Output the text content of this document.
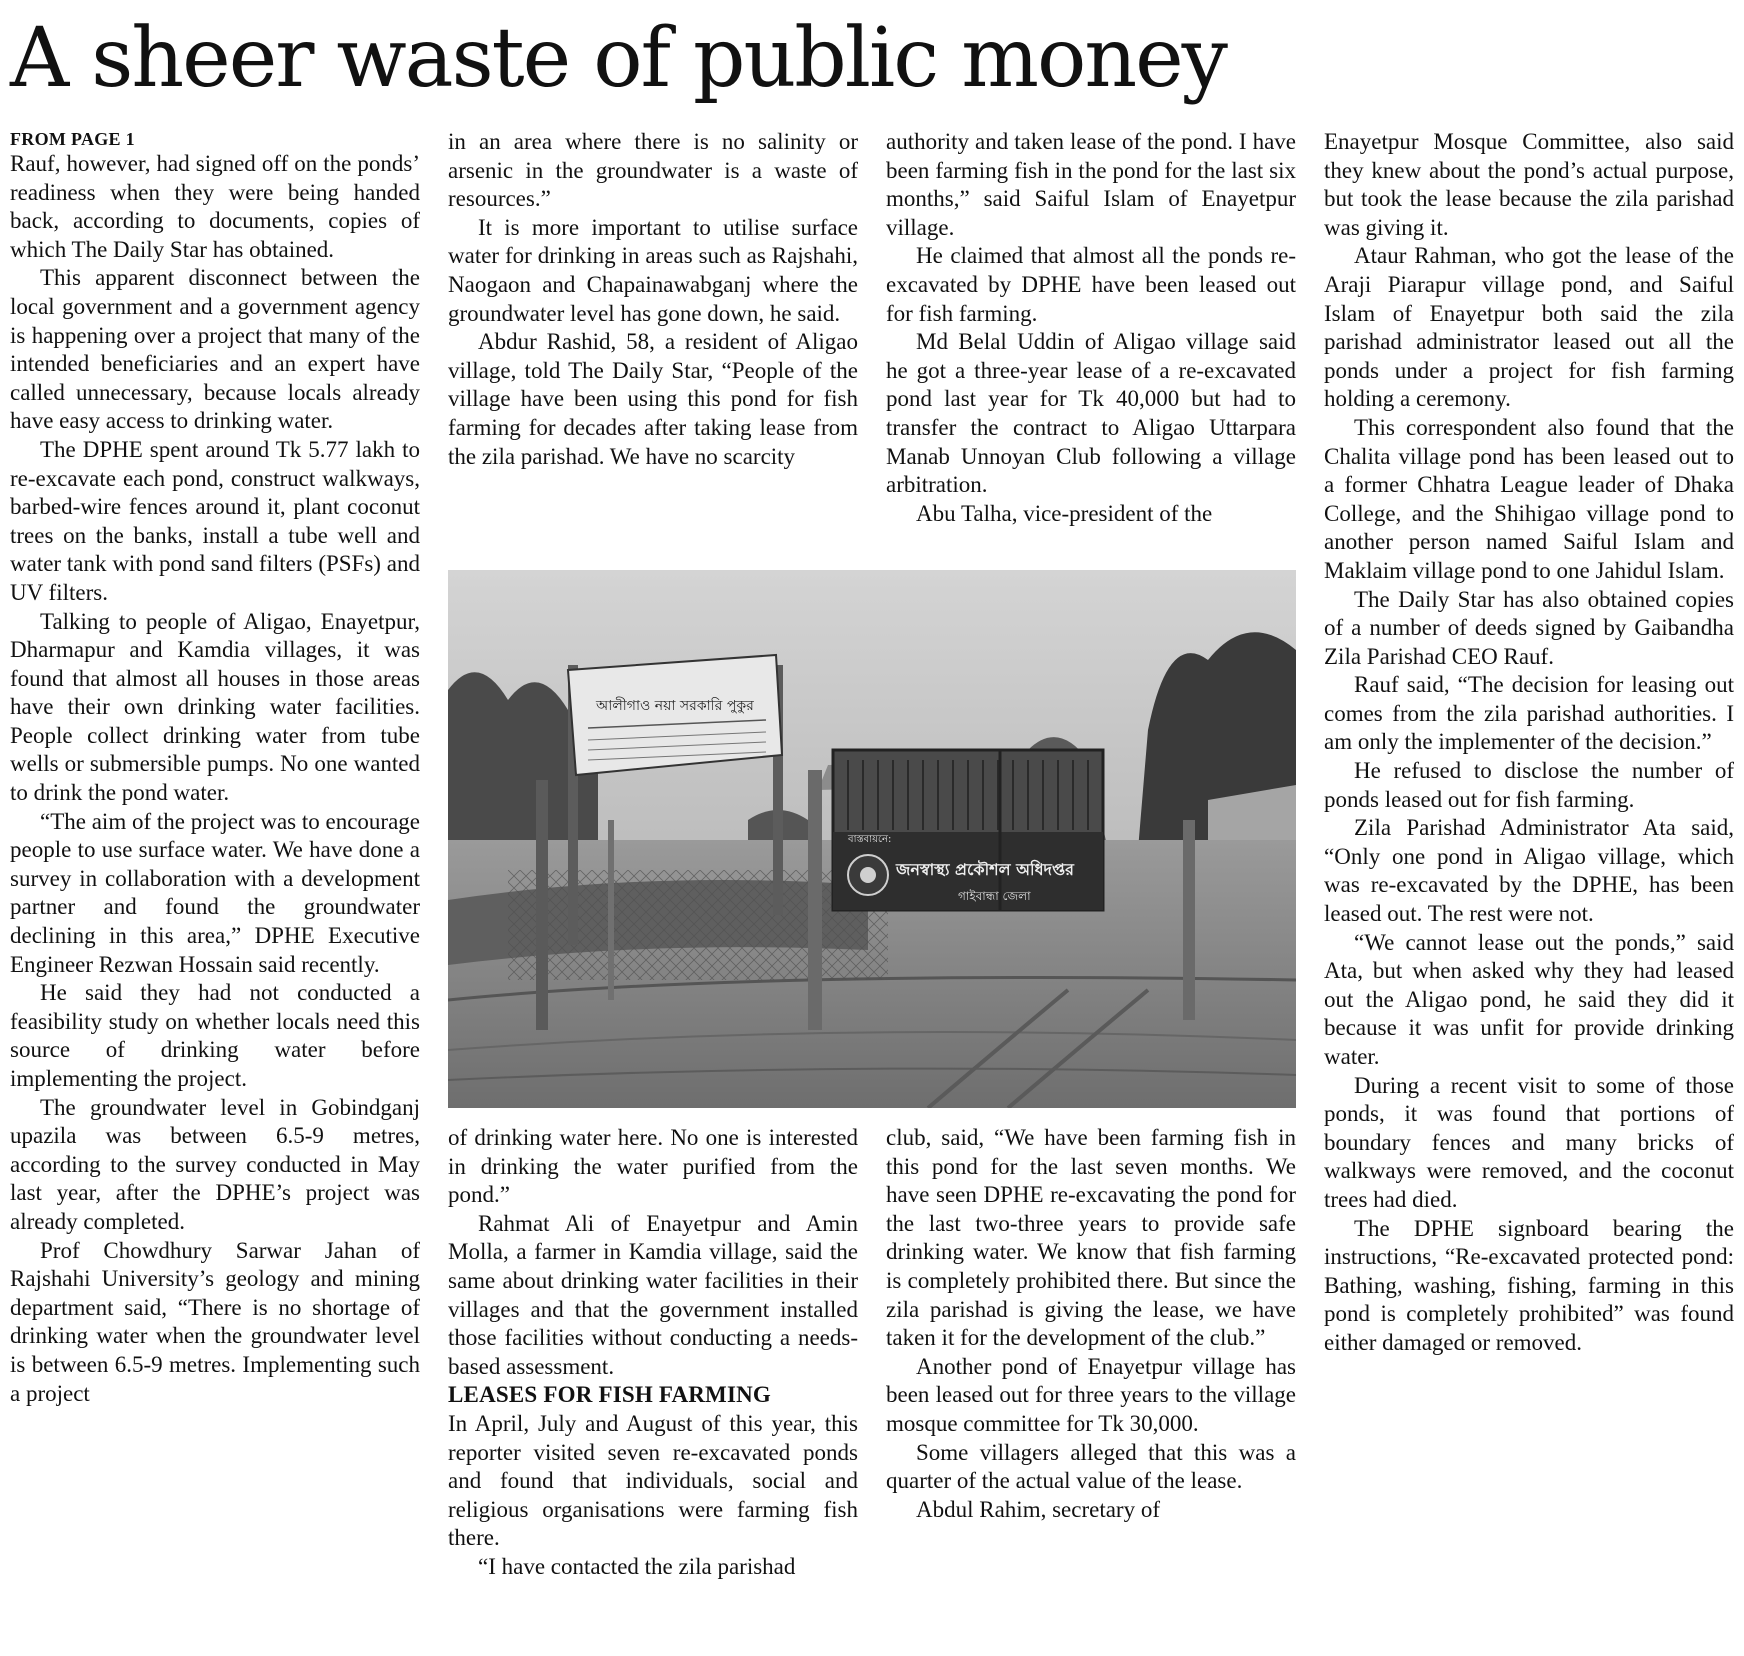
A sheer waste of public money
FROM PAGE 1

Rauf, however, had signed off on the ponds’ readiness when they were being handed back, according to documents, copies of which The Daily Star has obtained.

This apparent disconnect between the local government and a government agency is happening over a project that many of the intended beneficiaries and an expert have called unnecessary, because locals already have easy access to drinking water.

The DPHE spent around Tk 5.77 lakh to re-excavate each pond, construct walkways, barbed-wire fences around it, plant coconut trees on the banks, install a tube well and water tank with pond sand filters (PSFs) and UV filters.

Talking to people of Aligao, Enayetpur, Dharmapur and Kamdia villages, it was found that almost all houses in those areas have their own drinking water facilities. People collect drinking water from tube wells or submersible pumps. No one wanted to drink the pond water.

“The aim of the project was to encourage people to use surface water. We have done a survey in collaboration with a development partner and found the groundwater declining in this area,” DPHE Executive Engineer Rezwan Hossain said recently.

He said they had not conducted a feasibility study on whether locals need this source of drinking water before implementing the project.

The groundwater level in Gobindganj upazila was between 6.5-9 metres, according to the survey conducted in May last year, after the DPHE’s project was already completed.

Prof Chowdhury Sarwar Jahan of Rajshahi University’s geology and mining department said, “There is no shortage of drinking water when the groundwater level is between 6.5-9 metres. Implementing such a project

in an area where there is no salinity or arsenic in the groundwater is a waste of resources.”

It is more important to utilise surface water for drinking in areas such as Rajshahi, Naogaon and Chapainawabganj where the groundwater level has gone down, he said.

Abdur Rashid, 58, a resident of Aligao village, told The Daily Star, “People of the village have been using this pond for fish farming for decades after taking lease from the zila parishad. We have no scarcity

authority and taken lease of the pond. I have been farming fish in the pond for the last six months,” said Saiful Islam of Enayetpur village.

He claimed that almost all the ponds re-excavated by DPHE have been leased out for fish farming.

Md Belal Uddin of Aligao village said he got a three-year lease of a re-excavated pond last year for Tk 40,000 but had to transfer the contract to Aligao Uttarpara Manab Unnoyan Club following a village arbitration.

Abu Talha, vice-president of the

আলীগাও নয়া সরকারি পুকুর
বাস্তবায়নে:
জনস্বাস্থ্য প্রকৌশল অধিদপ্তর
গাইবান্ধা জেলা

of drinking water here. No one is interested in drinking the water purified from the pond.”

Rahmat Ali of Enayetpur and Amin Molla, a farmer in Kamdia village, said the same about drinking water facilities in their villages and that the government installed those facilities without conducting a needs-based assessment.

LEASES FOR FISH FARMING

In April, July and August of this year, this reporter visited seven re-excavated ponds and found that individuals, social and religious organisations were farming fish there.

“I have contacted the zila parishad

club, said, “We have been farming fish in this pond for the last seven months. We have seen DPHE re-excavating the pond for the last two-three years to provide safe drinking water. We know that fish farming is completely prohibited there. But since the zila parishad is giving the lease, we have taken it for the development of the club.”

Another pond of Enayetpur village has been leased out for three years to the village mosque committee for Tk 30,000.

Some villagers alleged that this was a quarter of the actual value of the lease.

Abdul Rahim, secretary of

Enayetpur Mosque Committee, also said they knew about the pond’s actual purpose, but took the lease because the zila parishad was giving it.

Ataur Rahman, who got the lease of the Araji Piarapur village pond, and Saiful Islam of Enayetpur both said the zila parishad administrator leased out all the ponds under a project for fish farming holding a ceremony.

This correspondent also found that the Chalita village pond has been leased out to a former Chhatra League leader of Dhaka College, and the Shihigao village pond to another person named Saiful Islam and Maklaim village pond to one Jahidul Islam.

The Daily Star has also obtained copies of a number of deeds signed by Gaibandha Zila Parishad CEO Rauf.

Rauf said, “The decision for leasing out comes from the zila parishad authorities. I am only the implementer of the decision.”

He refused to disclose the number of ponds leased out for fish farming.

Zila Parishad Administrator Ata said, “Only one pond in Aligao village, which was re-excavated by the DPHE, has been leased out. The rest were not.

“We cannot lease out the ponds,” said Ata, but when asked why they had leased out the Aligao pond, he said they did it because it was unfit for provide drinking water.

During a recent visit to some of those ponds, it was found that portions of boundary fences and many bricks of walkways were removed, and the coconut trees had died.

The DPHE signboard bearing the instructions, “Re-excavated protected pond: Bathing, washing, fishing, farming in this pond is completely prohibited” was found either damaged or removed.
